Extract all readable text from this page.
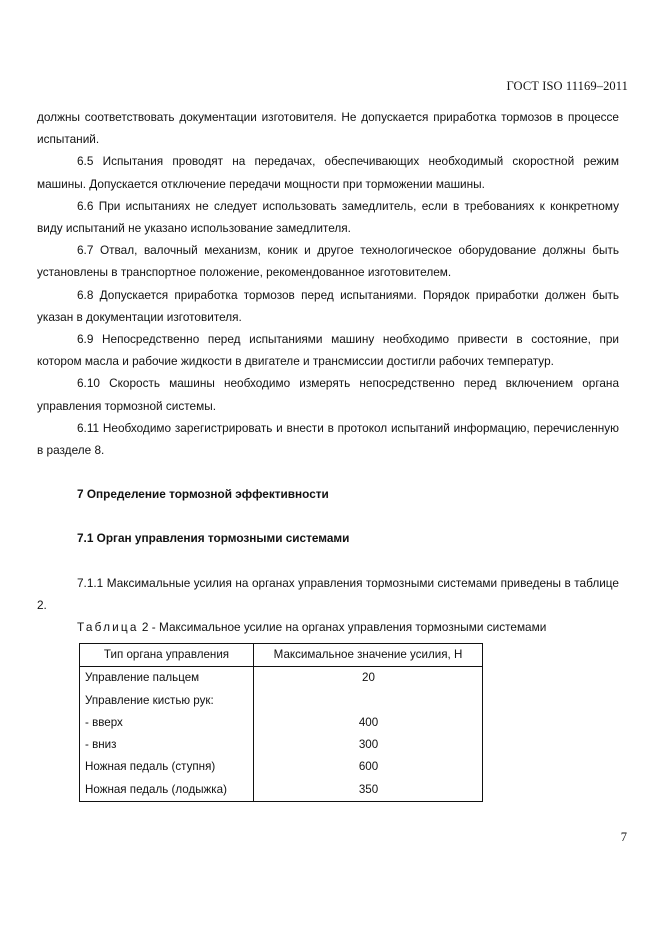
ГОСТ ISO 11169–2011

должны соответствовать документации изготовителя. Не допускается приработка тормозов в процессе испытаний.

6.5 Испытания проводят на передачах, обеспечивающих необходимый скоростной режим машины. Допускается отключение передачи мощности при торможении машины.

6.6 При испытаниях не следует использовать замедлитель, если в требованиях к конкретному виду испытаний не указано использование замедлителя.

6.7 Отвал, валочный механизм, коник и другое технологическое оборудование должны быть установлены в транспортное положение, рекомендованное изготовителем.

6.8 Допускается приработка тормозов перед испытаниями. Порядок приработки должен быть указан в документации изготовителя.

6.9 Непосредственно перед испытаниями машину необходимо привести в состояние, при котором масла и рабочие жидкости в двигателе и трансмиссии достигли рабочих температур.

6.10 Скорость машины необходимо измерять непосредственно перед включением органа управления тормозной системы.

6.11 Необходимо зарегистрировать и внести в протокол испытаний информацию, перечисленную в разделе 8.

7 Определение тормозной эффективности

7.1 Орган управления тормозными системами

7.1.1 Максимальные усилия на органах управления тормозными системами приведены в таблице 2.

Таблица 2 - Максимальное усилие на органах управления тормозными системами

Тип органа управления	Максимальное значение усилия, Н
Управление пальцем	20
Управление кистью рук:	
- вверх	400
- вниз	300
Ножная педаль (ступня)	600
Ножная педаль (лодыжка)	350
7
